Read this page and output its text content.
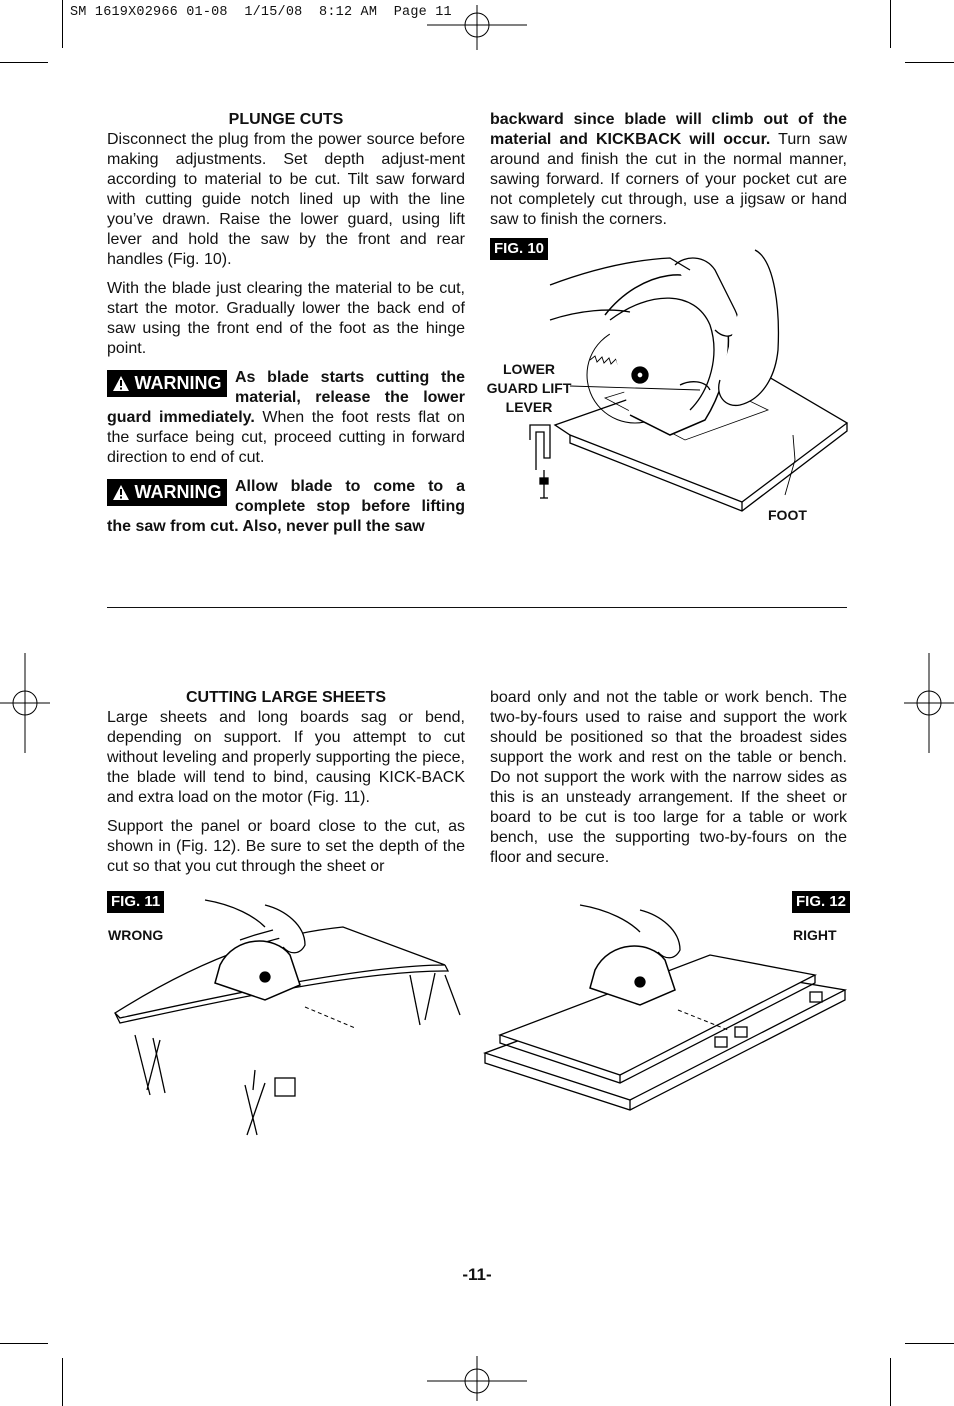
SM 1619X02966 01-08  1/15/08  8:12 AM  Page 11

PLUNGE CUTS

Disconnect the plug from the power source before making adjustments. Set depth adjust-ment according to material to be cut. Tilt saw forward with cutting guide notch lined up with the line you’ve drawn. Raise the lower guard, using lift lever and hold the saw by the front and rear handles (Fig. 10).

With the blade just clearing the material to be cut, start the motor. Gradually lower the back end of saw using the front end of the foot as the hinge point.

WARNING As blade starts cutting the material, release the lower guard immediately. When the foot rests flat on the surface being cut, proceed cutting in forward direction to end of cut.

WARNING Allow blade to come to a complete stop before lifting the saw from cut. Also, never pull the saw

backward since blade will climb out of the material and KICKBACK will occur. Turn saw around and finish the cut in the normal manner, sawing forward. If corners of your pocket cut are not completely cut through, use a jigsaw or hand saw to finish the corners.

FIG. 10
LOWER
GUARD LIFT
LEVER
FOOT

CUTTING LARGE SHEETS

Large sheets and long boards sag or bend, depending on support. If you attempt to cut without leveling and properly supporting the piece, the blade will tend to bind, causing KICK-BACK and extra load on the motor (Fig. 11).

Support the panel or board close to the cut, as shown in (Fig. 12). Be sure to set the depth of the cut so that you cut through the sheet or

board only and not the table or work bench. The two-by-fours used to raise and support the work should be positioned so that the broadest sides support the work and rest on the table or bench. Do not support the work with the narrow sides as this is an unsteady arrangement. If the sheet or board to be cut is too large for a table or work bench, use the supporting two-by-fours on the floor and secure.

FIG. 11
WRONG
FIG. 12
RIGHT
-11-
